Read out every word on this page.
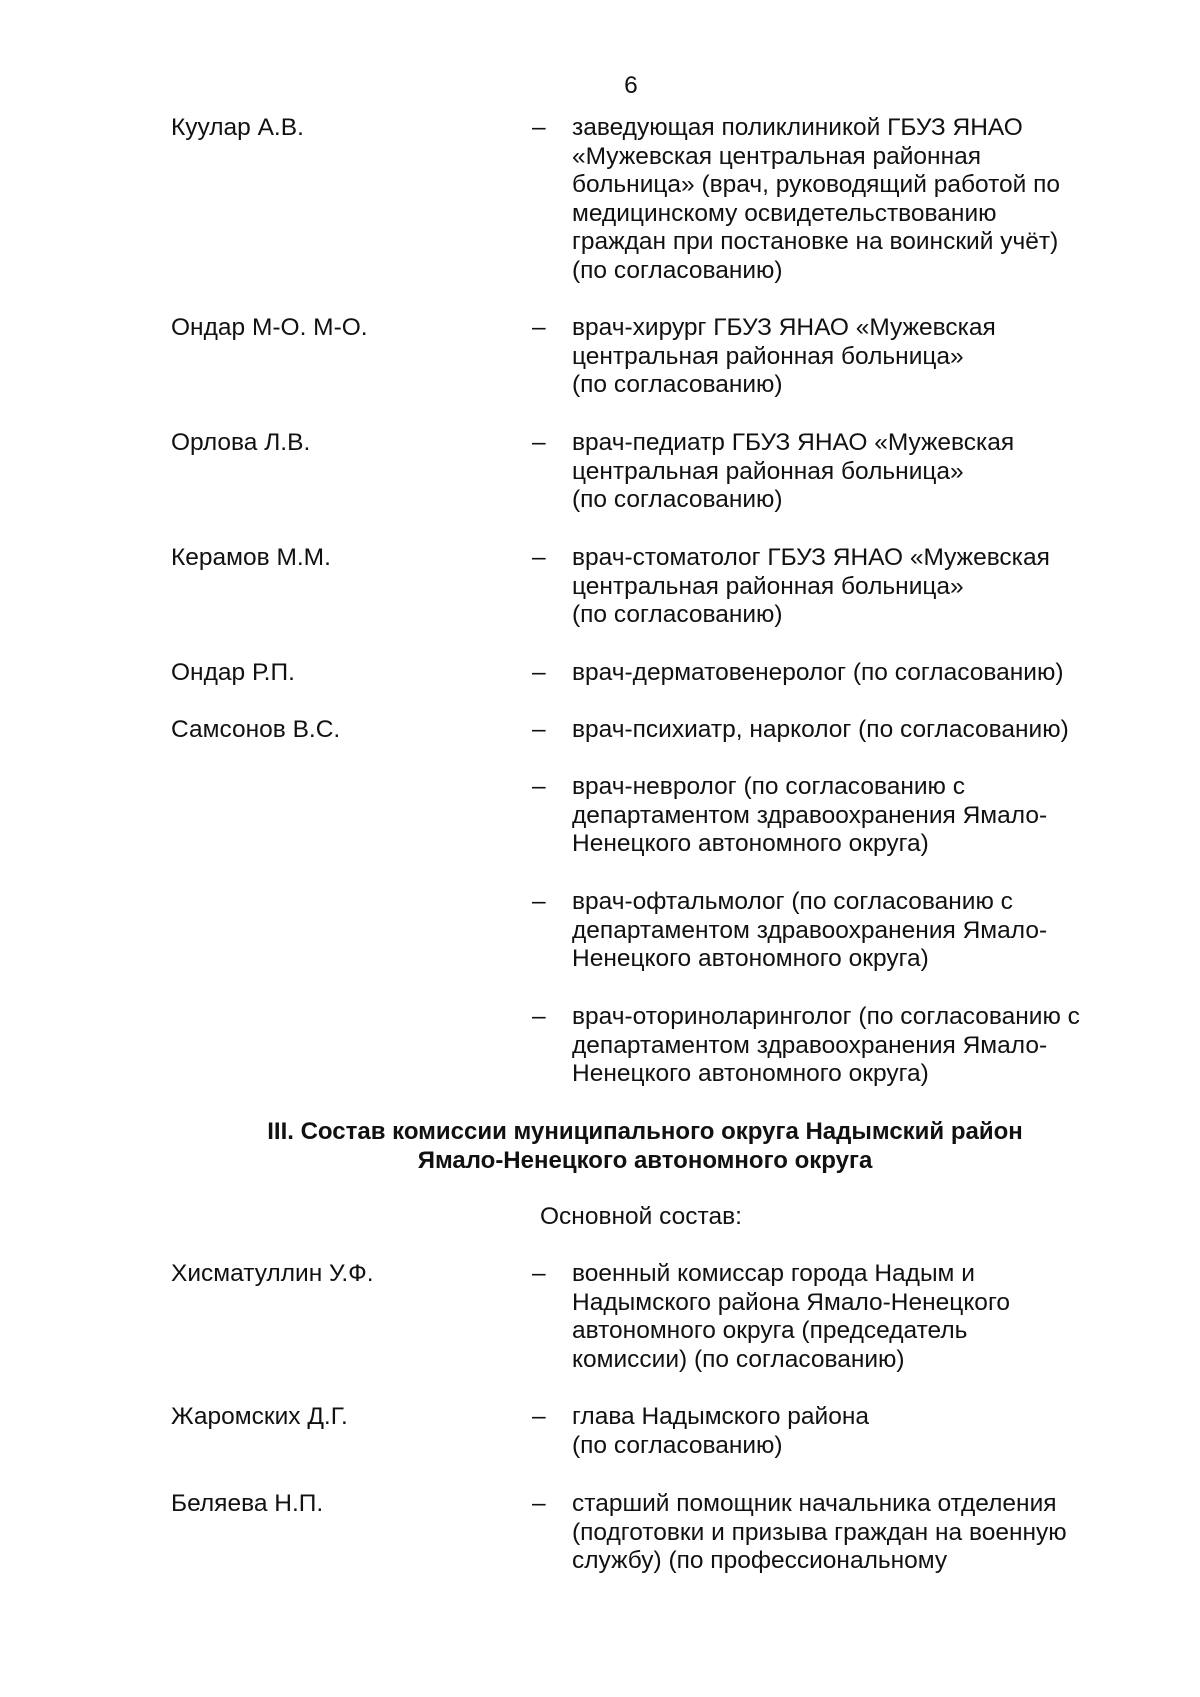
6
Куулар А.В.	– заведующая поликлиникой ГБУЗ ЯНАО
«Мужевская центральная районная
больница» (врач, руководящий работой по
медицинскому освидетельствованию
граждан при постановке на воинский учёт)
(по согласованию)
Ондар М-О. М-О.	– врач-хирург ГБУЗ ЯНАО «Мужевская
центральная районная больница»
(по согласованию)
Орлова Л.В.	– врач-педиатр ГБУЗ ЯНАО «Мужевская
центральная районная больница»
(по согласованию)
Керамов М.М.	– врач-стоматолог ГБУЗ ЯНАО «Мужевская
центральная районная больница»
(по согласованию)
Ондар Р.П.	– врач-дерматовенеролог (по согласованию)
Самсонов В.С.	– врач-психиатр, нарколог (по согласованию)
– врач-невролог (по согласованию с
департаментом здравоохранения Ямало-
Ненецкого автономного округа)
– врач-офтальмолог (по согласованию с
департаментом здравоохранения Ямало-
Ненецкого автономного округа)
– врач-оториноларинголог (по согласованию с
департаментом здравоохранения Ямало-
Ненецкого автономного округа)
III. Состав комиссии муниципального округа Надымский район
Ямало-Ненецкого автономного округа
Основной состав:
Хисматуллин У.Ф.	– военный комиссар города Надым и
Надымского района Ямало-Ненецкого
автономного округа (председатель
комиссии) (по согласованию)
Жаромских Д.Г.	– глава Надымского района
(по согласованию)
Беляева Н.П.	– старший помощник начальника отделения
(подготовки и призыва граждан на военную
службу) (по профессиональному
